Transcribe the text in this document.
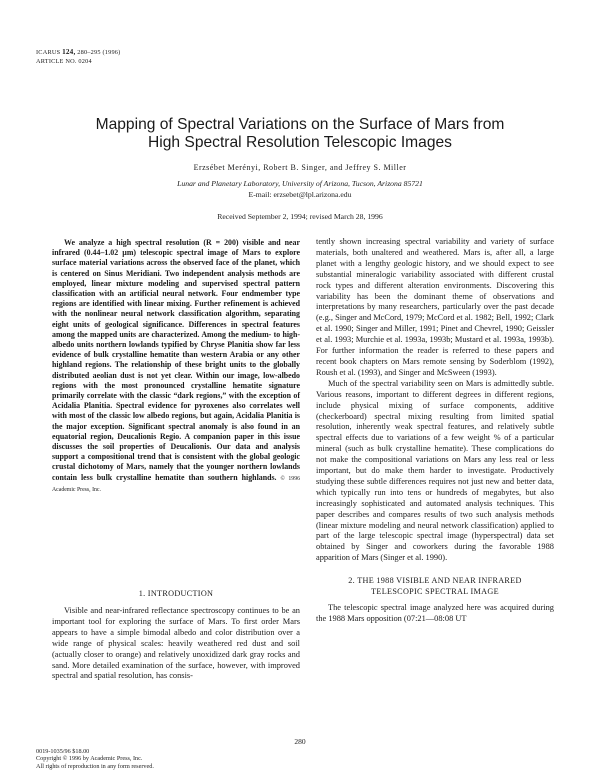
ICARUS 124, 280–295 (1996)
ARTICLE NO. 0204
Mapping of Spectral Variations on the Surface of Mars from
High Spectral Resolution Telescopic Images
Erzsébet Merényi, Robert B. Singer, and Jeffrey S. Miller
Lunar and Planetary Laboratory, University of Arizona, Tucson, Arizona 85721
E-mail: erzsebet@lpl.arizona.edu
Received September 2, 1994; revised March 28, 1996

We analyze a high spectral resolution (R = 200) visible and near infrared (0.44–1.02 µm) telescopic spectral image of Mars to explore surface material variations across the observed face of the planet, which is centered on Sinus Meridiani. Two independent analysis methods are employed, linear mixture modeling and supervised spectral pattern classification with an artificial neural network. Four endmember type regions are identified with linear mixing. Further refinement is achieved with the nonlinear neural network classification algorithm, separating eight units of geological significance. Differences in spectral features among the mapped units are characterized. Among the medium- to high-albedo units northern lowlands typified by Chryse Planitia show far less evidence of bulk crystalline hematite than western Arabia or any other highland regions. The relationship of these bright units to the globally distributed aeolian dust is not yet clear. Within our image, low-albedo regions with the most pronounced crystalline hematite signature primarily correlate with the classic “dark regions,” with the exception of Acidalia Planitia. Spectral evidence for pyroxenes also correlates well with most of the classic low albedo regions, but again, Acidalia Planitia is the major exception. Significant spectral anomaly is also found in an equatorial region, Deucalionis Regio. A companion paper in this issue discusses the soil properties of Deucalionis. Our data and analysis support a compositional trend that is consistent with the global geologic crustal dichotomy of Mars, namely that the younger northern lowlands contain less bulk crystalline hematite than southern highlands. © 1996 Academic Press, Inc.

1. INTRODUCTION

Visible and near-infrared reflectance spectroscopy continues to be an important tool for exploring the surface of Mars. To first order Mars appears to have a simple bimodal albedo and color distribution over a wide range of physical scales: heavily weathered red dust and soil (actually closer to orange) and relatively unoxidized dark gray rocks and sand. More detailed examination of the surface, however, with improved spectral and spatial resolution, has consis-

tently shown increasing spectral variability and variety of surface materials, both unaltered and weathered. Mars is, after all, a large planet with a lengthy geologic history, and we should expect to see substantial mineralogic variability associated with different crustal rock types and different alteration environments. Discovering this variability has been the dominant theme of observations and interpretations by many researchers, particularly over the past decade (e.g., Singer and McCord, 1979; McCord et al. 1982; Bell, 1992; Clark et al. 1990; Singer and Miller, 1991; Pinet and Chevrel, 1990; Geissler et al. 1993; Murchie et al. 1993a, 1993b; Mustard et al. 1993a, 1993b). For further information the reader is referred to these papers and recent book chapters on Mars remote sensing by Soderblom (1992), Roush et al. (1993), and Singer and McSween (1993).

Much of the spectral variability seen on Mars is admittedly subtle. Various reasons, important to different degrees in different regions, include physical mixing of surface components, additive (checkerboard) spectral mixing resulting from limited spatial resolution, inherently weak spectral features, and relatively subtle spectral effects due to variations of a few weight % of a particular mineral (such as bulk crystalline hematite). These complications do not make the compositional variations on Mars any less real or less important, but do make them harder to investigate. Productively studying these subtle differences requires not just new and better data, which typically run into tens or hundreds of megabytes, but also increasingly sophisticated and automated analysis techniques. This paper describes and compares results of two such analysis methods (linear mixture modeling and neural network classification) applied to part of the large telescopic spectral image (hyperspectral) data set obtained by Singer and coworkers during the favorable 1988 apparition of Mars (Singer et al. 1990).

2. THE 1988 VISIBLE AND NEAR INFRARED
TELESCOPIC SPECTRAL IMAGE

The telescopic spectral image analyzed here was acquired during the 1988 Mars opposition (07:21—08:08 UT

280
0019-1035/96 $18.00
Copyright © 1996 by Academic Press, Inc.
All rights of reproduction in any form reserved.
